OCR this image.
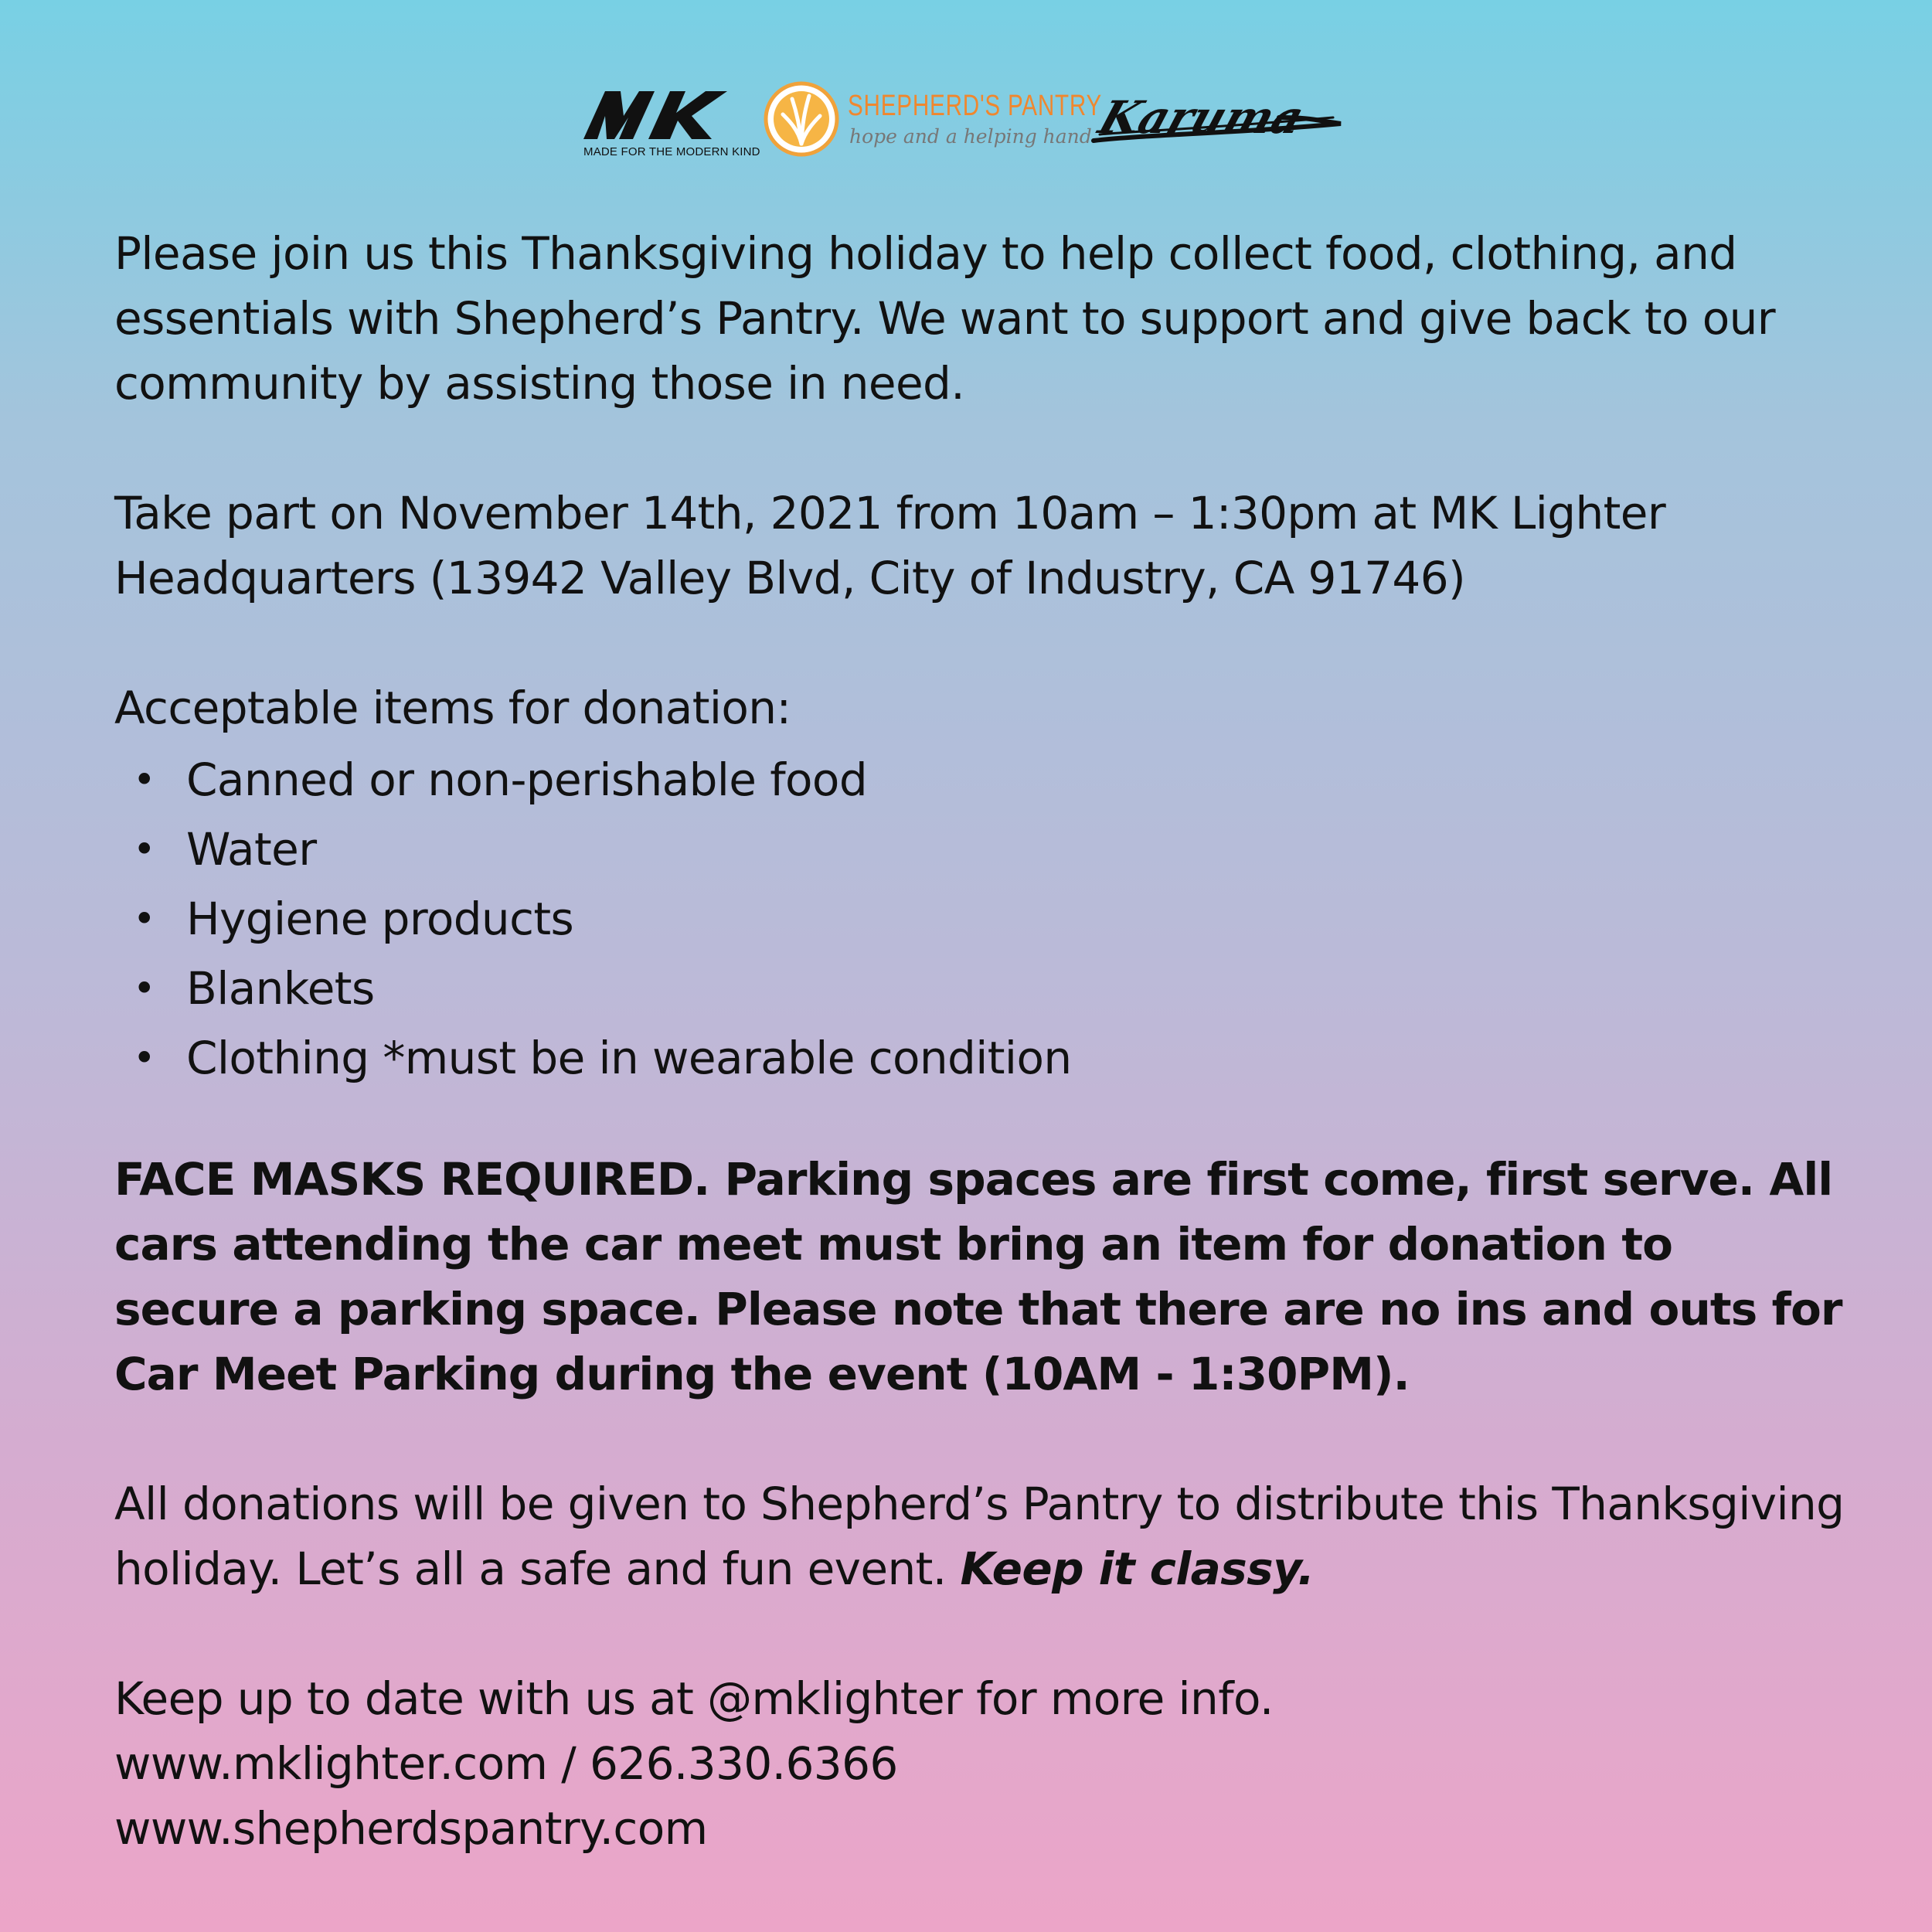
MADE FOR THE MODERN KIND
SHEPHERD'S PANTRY
hope and a helping hand Karuma

Please join us this Thanksgiving holiday to help collect food, clothing, and essentials with Shepherd’s Pantry. We want to support and give back to our community by assisting those in need.

Take part on November 14th, 2021 from 10am – 1:30pm at MK Lighter Headquarters (13942 Valley Blvd, City of Industry, CA 91746)

Acceptable items for donation:

• Canned or non-perishable food
• Water
• Hygiene products
• Blankets
• Clothing *must be in wearable condition

FACE MASKS REQUIRED. Parking spaces are first come, first serve. All cars attending the car meet must bring an item for donation to secure a parking space. Please note that there are no ins and outs for Car Meet Parking during the event (10AM - 1:30PM).

All donations will be given to Shepherd’s Pantry to distribute this Thanksgiving holiday. Let’s all a safe and fun event. Keep it classy.

Keep up to date with us at @mklighter for more info.

www.mklighter.com / 626.330.6366

www.shepherdspantry.com
